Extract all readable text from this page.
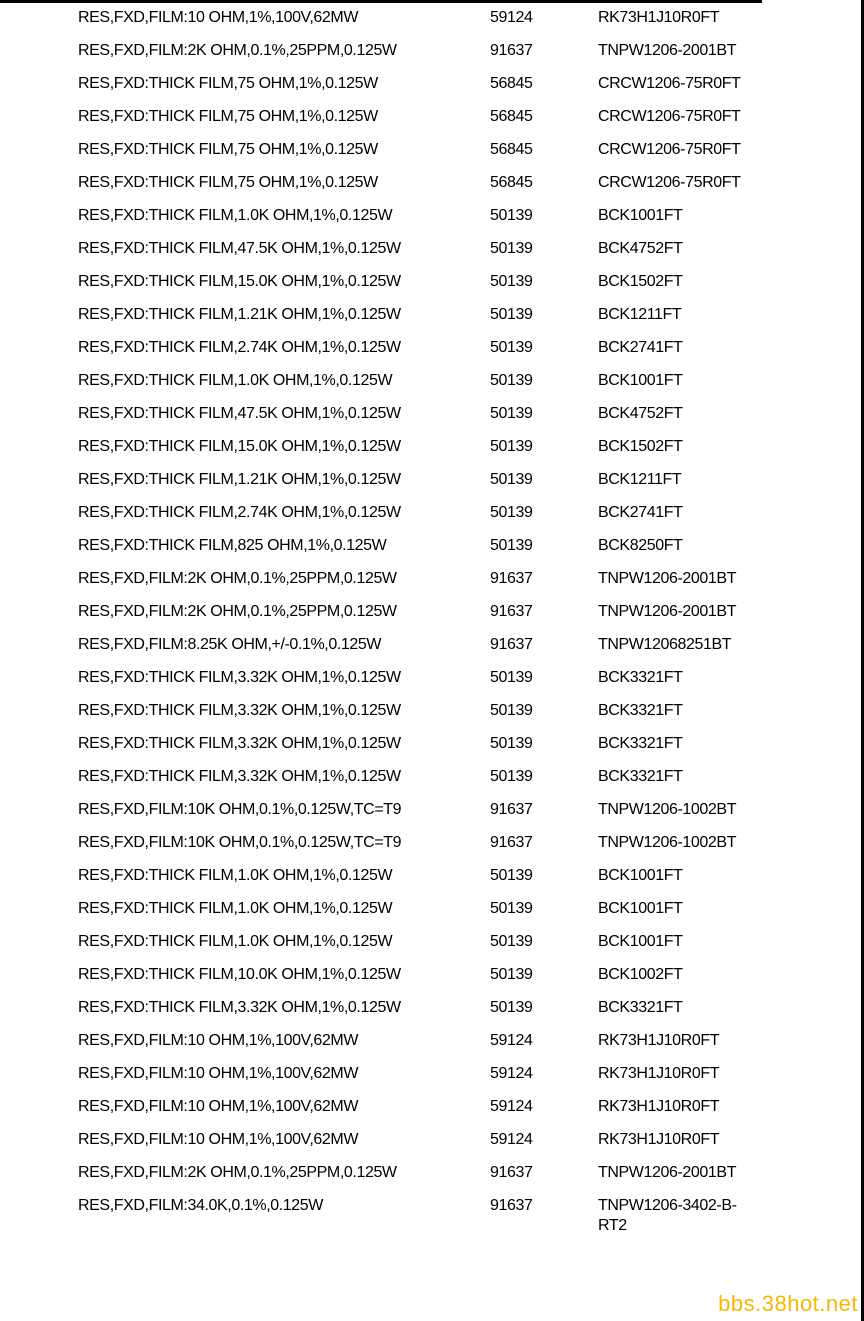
RES,FXD,FILM:10 OHM,1%,100V,62MW	59124	RK73H1J10R0FT
RES,FXD,FILM:2K OHM,0.1%,25PPM,0.125W	91637	TNPW1206-2001BT
RES,FXD:THICK FILM,75 OHM,1%,0.125W	56845	CRCW1206-75R0FT
RES,FXD:THICK FILM,75 OHM,1%,0.125W	56845	CRCW1206-75R0FT
RES,FXD:THICK FILM,75 OHM,1%,0.125W	56845	CRCW1206-75R0FT
RES,FXD:THICK FILM,75 OHM,1%,0.125W	56845	CRCW1206-75R0FT
RES,FXD:THICK FILM,1.0K OHM,1%,0.125W	50139	BCK1001FT
RES,FXD:THICK FILM,47.5K OHM,1%,0.125W	50139	BCK4752FT
RES,FXD:THICK FILM,15.0K OHM,1%,0.125W	50139	BCK1502FT
RES,FXD:THICK FILM,1.21K OHM,1%,0.125W	50139	BCK1211FT
RES,FXD:THICK FILM,2.74K OHM,1%,0.125W	50139	BCK2741FT
RES,FXD:THICK FILM,1.0K OHM,1%,0.125W	50139	BCK1001FT
RES,FXD:THICK FILM,47.5K OHM,1%,0.125W	50139	BCK4752FT
RES,FXD:THICK FILM,15.0K OHM,1%,0.125W	50139	BCK1502FT
RES,FXD:THICK FILM,1.21K OHM,1%,0.125W	50139	BCK1211FT
RES,FXD:THICK FILM,2.74K OHM,1%,0.125W	50139	BCK2741FT
RES,FXD:THICK FILM,825 OHM,1%,0.125W	50139	BCK8250FT
RES,FXD,FILM:2K OHM,0.1%,25PPM,0.125W	91637	TNPW1206-2001BT
RES,FXD,FILM:2K OHM,0.1%,25PPM,0.125W	91637	TNPW1206-2001BT
RES,FXD,FILM:8.25K OHM,+/-0.1%,0.125W	91637	TNPW12068251BT
RES,FXD:THICK FILM,3.32K OHM,1%,0.125W	50139	BCK3321FT
RES,FXD:THICK FILM,3.32K OHM,1%,0.125W	50139	BCK3321FT
RES,FXD:THICK FILM,3.32K OHM,1%,0.125W	50139	BCK3321FT
RES,FXD:THICK FILM,3.32K OHM,1%,0.125W	50139	BCK3321FT
RES,FXD,FILM:10K OHM,0.1%,0.125W,TC=T9	91637	TNPW1206-1002BT
RES,FXD,FILM:10K OHM,0.1%,0.125W,TC=T9	91637	TNPW1206-1002BT
RES,FXD:THICK FILM,1.0K OHM,1%,0.125W	50139	BCK1001FT
RES,FXD:THICK FILM,1.0K OHM,1%,0.125W	50139	BCK1001FT
RES,FXD:THICK FILM,1.0K OHM,1%,0.125W	50139	BCK1001FT
RES,FXD:THICK FILM,10.0K OHM,1%,0.125W	50139	BCK1002FT
RES,FXD:THICK FILM,3.32K OHM,1%,0.125W	50139	BCK3321FT
RES,FXD,FILM:10 OHM,1%,100V,62MW	59124	RK73H1J10R0FT
RES,FXD,FILM:10 OHM,1%,100V,62MW	59124	RK73H1J10R0FT
RES,FXD,FILM:10 OHM,1%,100V,62MW	59124	RK73H1J10R0FT
RES,FXD,FILM:10 OHM,1%,100V,62MW	59124	RK73H1J10R0FT
RES,FXD,FILM:2K OHM,0.1%,25PPM,0.125W	91637	TNPW1206-2001BT
RES,FXD,FILM:34.0K,0.1%,0.125W	91637	TNPW1206-3402-B-
RT2
bbs.38hot.net
